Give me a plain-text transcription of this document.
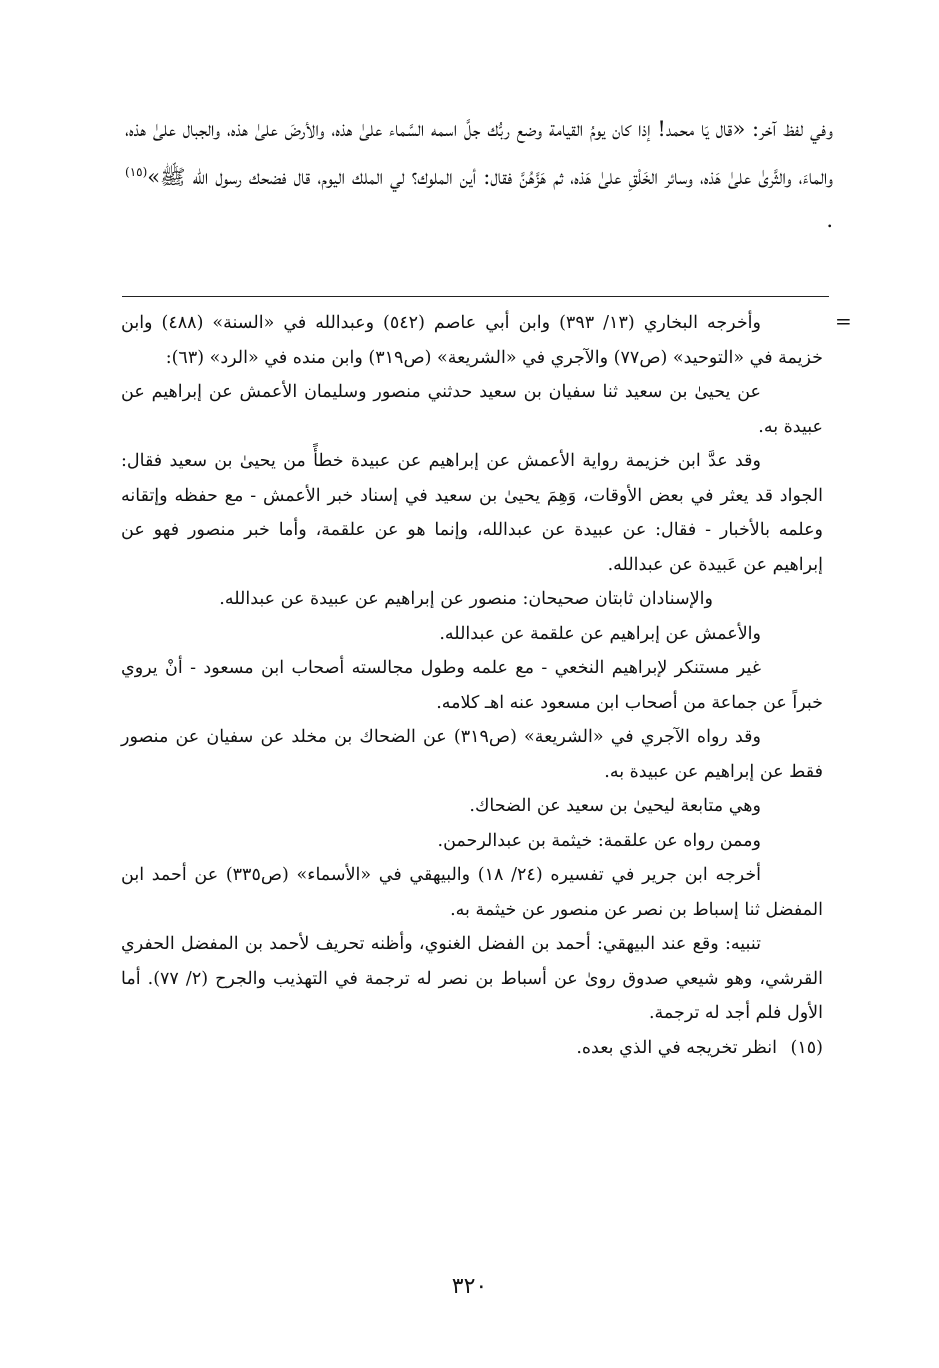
وفي لفظ آخر: «قال يَا محمد! إذا كان يومُ القيامة وضع ربُّك جلَّ اسمه السَّماء علىٰ هذه، والأرضَ علىٰ هذه، والجبال علىٰ هذه، والماءَ، والثَّرىٰ علىٰ هَذه، وسائر الخَلْقِ علىٰ هَذه، ثم هَزَّهُنَّ فقال: أين الملوك؟ لي الملك اليوم، قال فضحك رسول الله ﷺ»$^{(١٥)}$ .

=

وأخرجه البخاري (١٣/ ٣٩٣) وابن أبي عاصم (٥٤٢) وعبدالله في «السنة» (٤٨٨) وابن خزيمة في «التوحيد» (ص٧٧) والآجري في «الشريعة» (ص٣١٩) وابن منده في «الرد» (٦٣):

عن يحيىٰ بن سعيد ثنا سفيان بن سعيد حدثني منصور وسليمان الأعمش عن إبراهيم عن عبيدة به.

وقد عدَّ ابن خزيمة رواية الأعمش عن إبراهيم عن عبيدة خطأً من يحيىٰ بن سعيد فقال: الجواد قد يعثر في بعض الأوقات، وَهِمَ يحيىٰ بن سعيد في إسناد خبر الأعمش - مع حفظه وإتقانه وعلمه بالأخبار - فقال: عن عبيدة عن عبدالله، وإنما هو عن علقمة، وأما خبر منصور فهو عن إبراهيم عن عَبيدة عن عبدالله.

والإسنادان ثابتان صحيحان: منصور عن إبراهيم عن عبيدة عن عبدالله.

والأعمش عن إبراهيم عن علقمة عن عبدالله.

غير مستنكر لإبراهيم النخعي - مع علمه وطول مجالسته أصحاب ابن مسعود - أنْ يروي خبراً عن جماعة من أصحاب ابن مسعود عنه اهـ كلامه.

وقد رواه الآجري في «الشريعة» (ص٣١٩) عن الضحاك بن مخلد عن سفيان عن منصور فقط عن إبراهيم عن عبيدة به.

وهي متابعة ليحيىٰ بن سعيد عن الضحاك.

وممن رواه عن علقمة: خيثمة بن عبدالرحمن.

أخرجه ابن جرير في تفسيره (٢٤/ ١٨) والبيهقي في «الأسماء» (ص٣٣٥) عن أحمد ابن المفضل ثنا إسباط بن نصر عن منصور عن خيثمة به.

تنبيه: وقع عند البيهقي: أحمد بن الفضل الغنوي، وأظنه تحريف لأحمد بن المفضل الحفري القرشي، وهو شيعي صدوق روىٰ عن أسباط بن نصر له ترجمة في التهذيب والجرح (٢/ ٧٧). أما الأول فلم أجد له ترجمة.

(١٥) انظر تخريجه في الذي بعده.

٣٢٠
